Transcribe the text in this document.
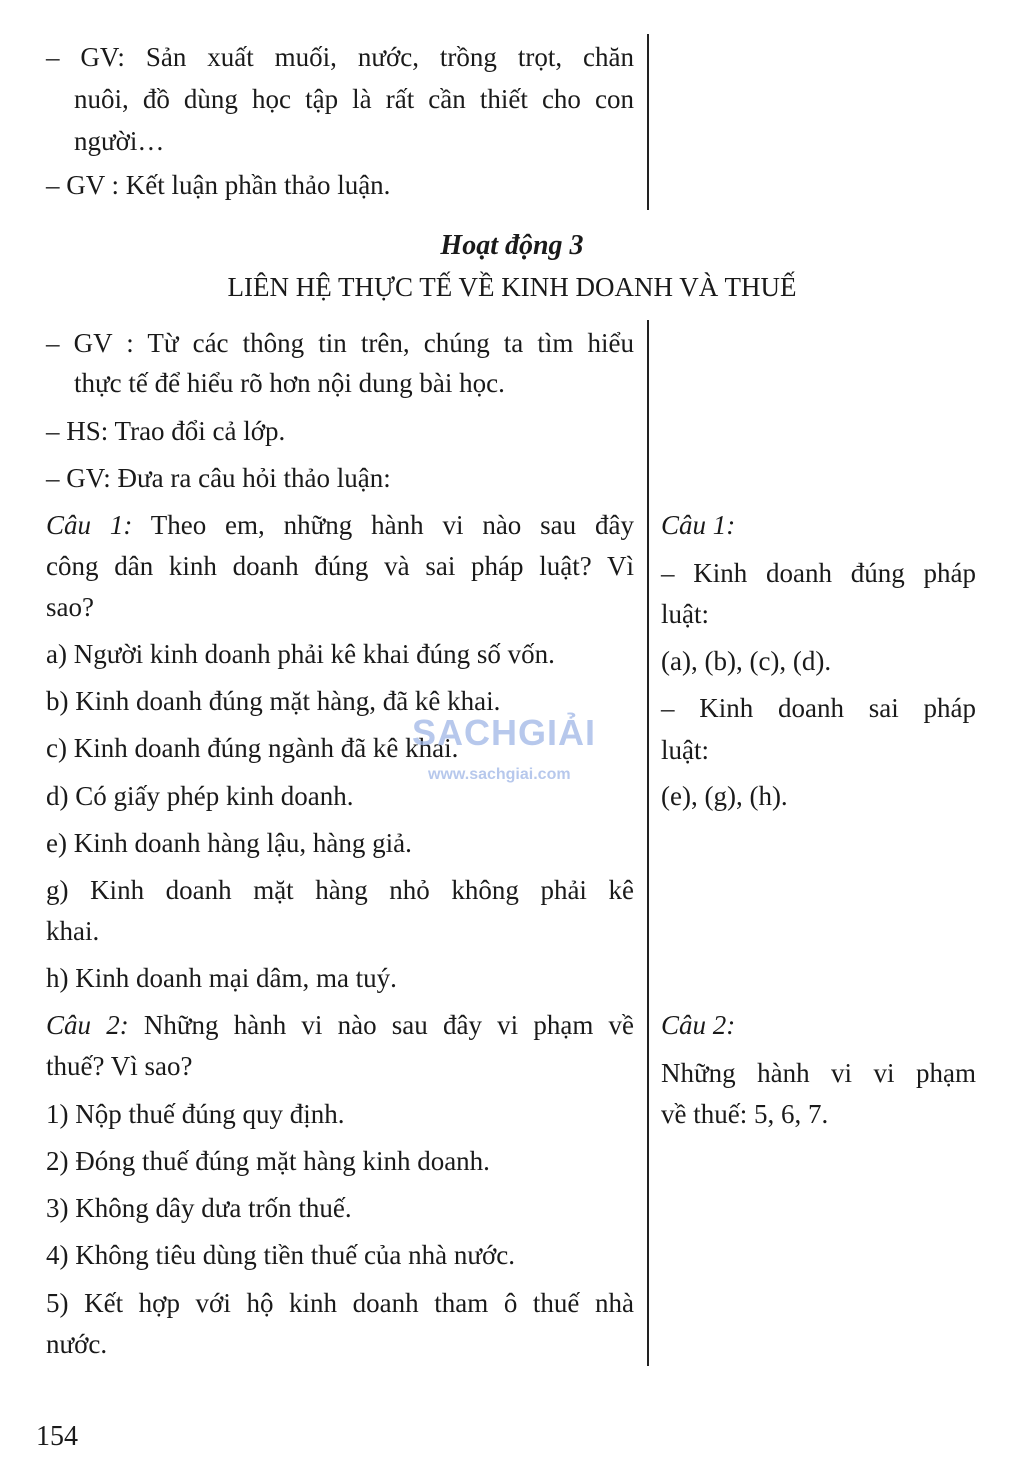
– GV: Sản xuất muối, nước, trồng trọt, chăn
nuôi, đồ dùng học tập là rất cần thiết cho con
người…
– GV : Kết luận phần thảo luận.
Hoạt động 3
LIÊN HỆ THỰC TẾ VỀ KINH DOANH VÀ THUẾ
– GV : Từ các thông tin trên, chúng ta tìm hiểu
thực tế để hiểu rõ hơn nội dung bài học.
– HS: Trao đổi cả lớp.
– GV: Đưa ra câu hỏi thảo luận:
Câu 1: Theo em, những hành vi nào sau đây
công dân kinh doanh đúng và sai pháp luật? Vì
sao?
a) Người kinh doanh phải kê khai đúng số vốn.
b) Kinh doanh đúng mặt hàng, đã kê khai.
c) Kinh doanh đúng ngành đã kê khai.
d) Có giấy phép kinh doanh.
e) Kinh doanh hàng lậu, hàng giả.
g) Kinh doanh mặt hàng nhỏ không phải kê
khai.
h) Kinh doanh mại dâm, ma tuý.
Câu 2: Những hành vi nào sau đây vi phạm về
thuế? Vì sao?
1) Nộp thuế đúng quy định.
2) Đóng thuế đúng mặt hàng kinh doanh.
3) Không dây dưa trốn thuế.
4) Không tiêu dùng tiền thuế của nhà nước.
5) Kết hợp với hộ kinh doanh tham ô thuế nhà
nước.
Câu 1:
– Kinh doanh đúng pháp
luật:
(a), (b), (c), (d).
– Kinh doanh sai pháp
luật:
(e), (g), (h).
Câu 2:
Những hành vi vi phạm
về thuế: 5, 6, 7.
SACHGIẢI
www.sachgiai.com
154
